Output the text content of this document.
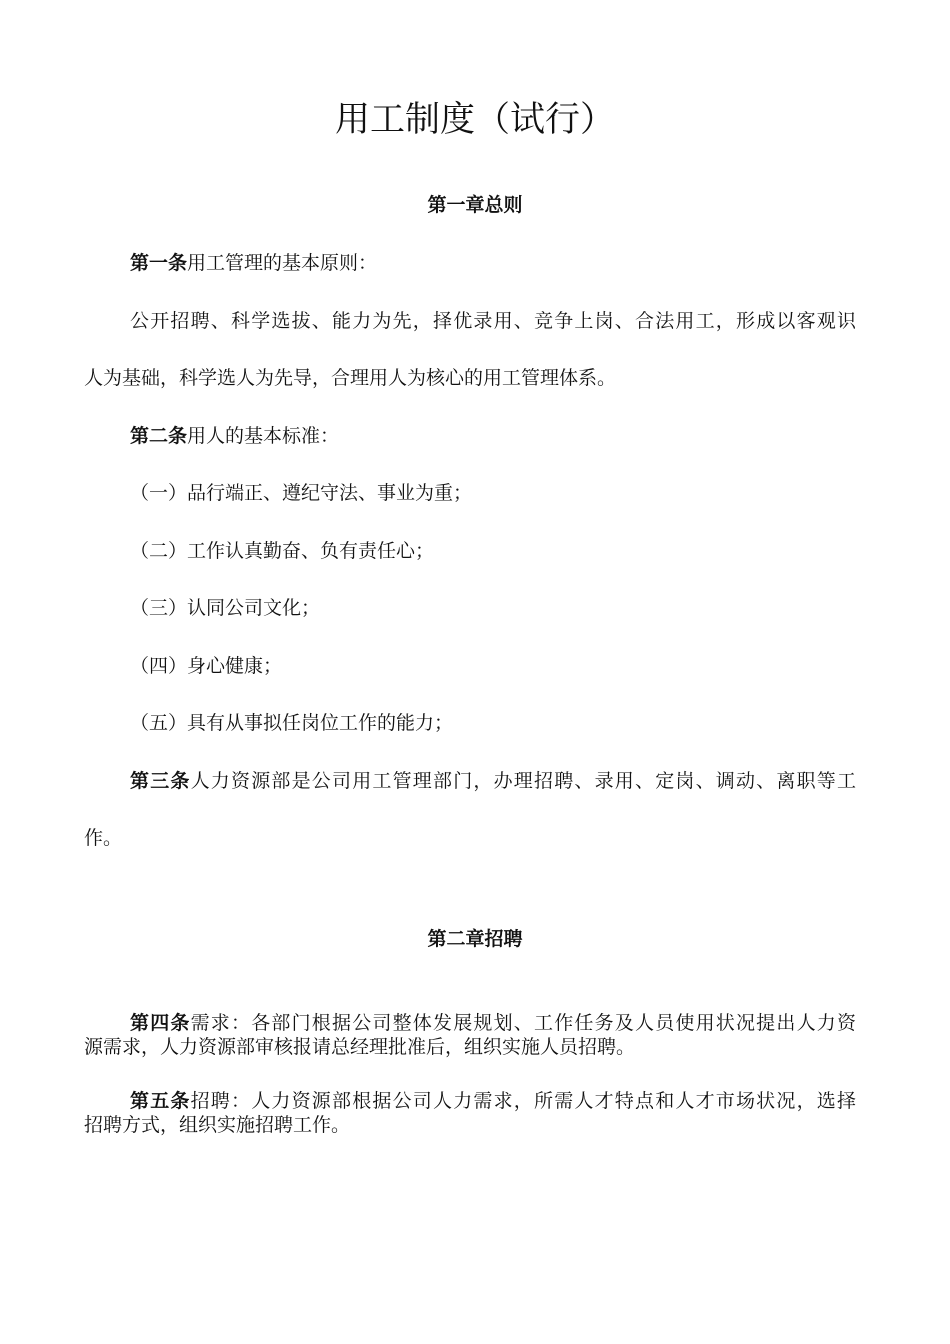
用工制度（试行）
第一章总则
第一条用工管理的基本原则：
公开招聘、科学选拔、能力为先，择优录用、竞争上岗、合法用工，形成以客观识
人为基础，科学选人为先导，合理用人为核心的用工管理体系。
第二条用人的基本标准：
（一）品行端正、遵纪守法、事业为重；
（二）工作认真勤奋、负有责任心；
（三）认同公司文化；
（四）身心健康；
（五）具有从事拟任岗位工作的能力；
第三条人力资源部是公司用工管理部门，办理招聘、录用、定岗、调动、离职等工
作。
第二章招聘
第四条需求：各部门根据公司整体发展规划、工作任务及人员使用状况提出人力资
源需求，人力资源部审核报请总经理批准后，组织实施人员招聘。
第五条招聘：人力资源部根据公司人力需求，所需人才特点和人才市场状况，选择
招聘方式，组织实施招聘工作。
